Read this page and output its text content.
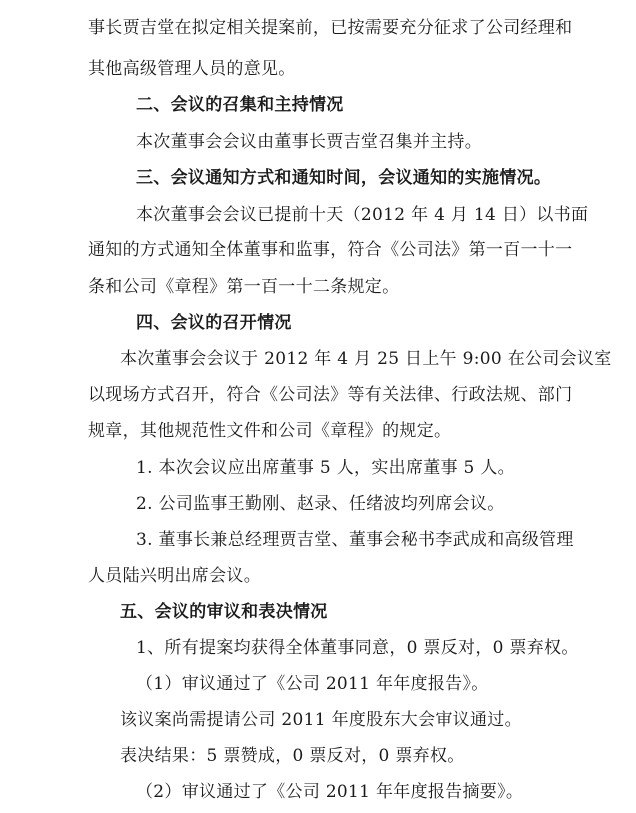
事长贾吉堂在拟定相关提案前，已按需要充分征求了公司经理和
其他高级管理人员的意见。
二、会议的召集和主持情况
本次董事会会议由董事长贾吉堂召集并主持。
三、会议通知方式和通知时间，会议通知的实施情况。
本次董事会会议已提前十天（2012 年 4 月 14 日）以书面
通知的方式通知全体董事和监事，符合《公司法》第一百一十一
条和公司《章程》第一百一十二条规定。
四、会议的召开情况
本次董事会会议于 2012 年 4 月 25 日上午 9:00 在公司会议室
以现场方式召开，符合《公司法》等有关法律、行政法规、部门
规章，其他规范性文件和公司《章程》的规定。
1. 本次会议应出席董事 5 人，实出席董事 5 人。
2. 公司监事王勤刚、赵录、任绪波均列席会议。
3. 董事长兼总经理贾吉堂、董事会秘书李武成和高级管理
人员陆兴明出席会议。
五、会议的审议和表决情况
1、所有提案均获得全体董事同意，0 票反对，0 票弃权。
（1）审议通过了《公司 2011 年年度报告》。
该议案尚需提请公司 2011 年度股东大会审议通过。
表决结果：5 票赞成，0 票反对，0 票弃权。
（2）审议通过了《公司 2011 年年度报告摘要》。
